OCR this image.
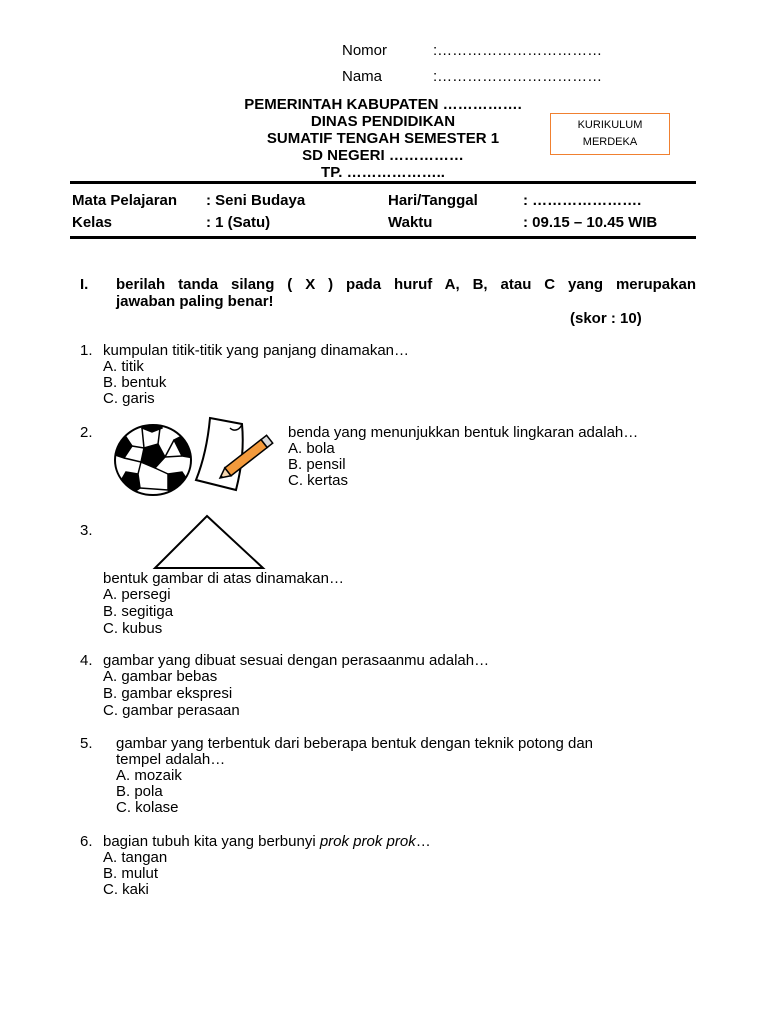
Nomor	:……………………………
Nama	:……………………………
PEMERINTAH KABUPATEN …………….
DINAS PENDIDIKAN
SUMATIF TENGAH SEMESTER 1
SD NEGERI ……………
TP. ………………..
KURIKULUM
MERDEKA
Mata Pelajaran : Seni Budaya	Hari/Tanggal	: ………………….
Kelas	: 1 (Satu)	Waktu	: 09.15 – 10.45 WIB
I. berilah tanda silang ( X ) pada huruf A, B, atau C yang merupakan
jawaban paling benar!
(skor : 10)
1. kumpulan titik-titik yang panjang dinamakan…
A. titik
B. bentuk
C. garis
2.	benda yang menunjukkan bentuk lingkaran adalah…
A. bola
B. pensil
C. kertas
3.
bentuk gambar di atas dinamakan…
A. persegi
B. segitiga
C. kubus
4. gambar yang dibuat sesuai dengan perasaanmu adalah…
A. gambar bebas
B. gambar ekspresi
C. gambar perasaan
5. gambar yang terbentuk dari beberapa bentuk dengan teknik potong dan
tempel adalah…
A. mozaik
B. pola
C. kolase
6. bagian tubuh kita yang berbunyi prok prok prok…
A. tangan
B. mulut
C. kaki
